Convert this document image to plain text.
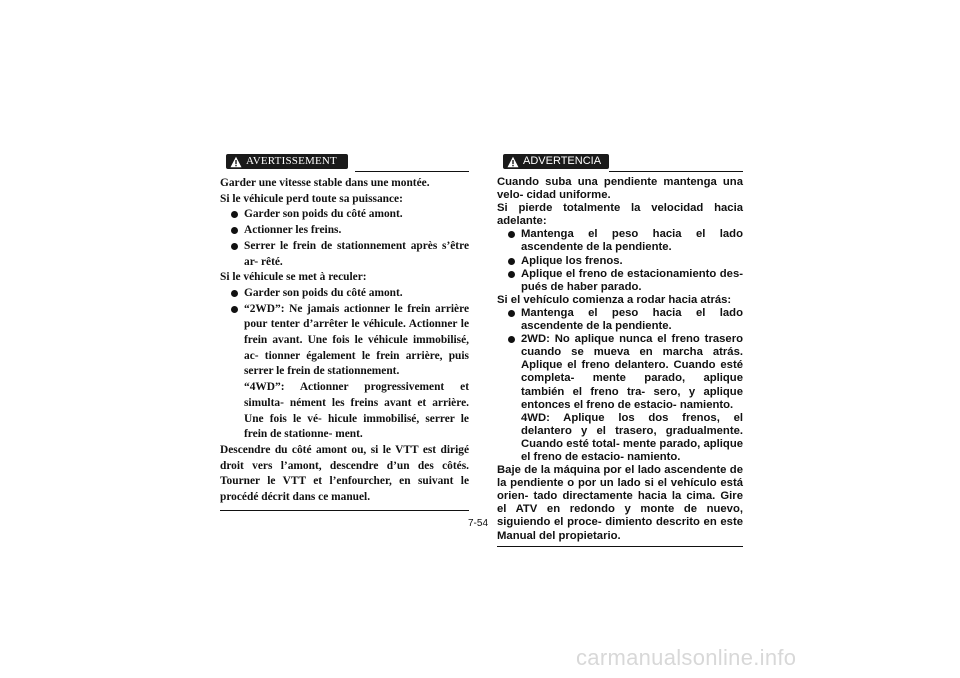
AVERTISSEMENT

Garder une vitesse stable dans une montée.

Si le véhicule perd toute sa puissance:

Garder son poids du côté amont.
Actionner les freins.
Serrer le frein de stationnement après s’être ar- rêté.

Si le véhicule se met à reculer:

Garder son poids du côté amont.
“2WD”: Ne jamais actionner le frein arrière pour tenter d’arrêter le véhicule. Actionner le frein avant. Une fois le véhicule immobilisé, ac- tionner également le frein arrière, puis serrer le frein de stationnement.
“4WD”: Actionner progressivement et simulta- nément les freins avant et arrière. Une fois le vé- hicule immobilisé, serrer le frein de stationne- ment.

Descendre du côté amont ou, si le VTT est dirigé droit vers l’amont, descendre d’un des côtés. Tourner le VTT et l’enfourcher, en suivant le procédé décrit dans ce manuel.

ADVERTENCIA

Cuando suba una pendiente mantenga una velo- cidad uniforme.

Si pierde totalmente la velocidad hacia adelante:

Mantenga el peso hacia el lado ascendente de la pendiente.
Aplique los frenos.
Aplique el freno de estacionamiento des- pués de haber parado.

Si el vehículo comienza a rodar hacia atrás:

Mantenga el peso hacia el lado ascendente de la pendiente.
2WD: No aplique nunca el freno trasero cuando se mueva en marcha atrás. Aplique el freno delantero. Cuando esté completa- mente parado, aplique también el freno tra- sero, y aplique entonces el freno de estacio- namiento.
4WD: Aplique los dos frenos, el delantero y el trasero, gradualmente. Cuando esté total- mente parado, aplique el freno de estacio- namiento.

Baje de la máquina por el lado ascendente de la pendiente o por un lado si el vehículo está orien- tado directamente hacia la cima. Gire el ATV en redondo y monte de nuevo, siguiendo el proce- dimiento descrito en este Manual del propietario.

7-54
carmanualsonline.info
